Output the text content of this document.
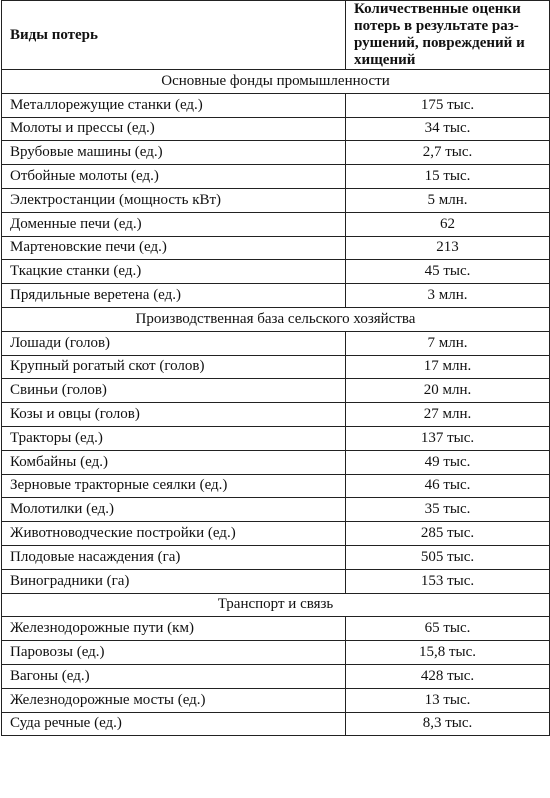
Виды потерь	Количественные оценки потерь в результате разрушений, повреждений и хищений
Основные фонды промышленности	
Металлорежущие станки (ед.)	175 тыс.
Молоты и прессы (ед.)	34 тыс.
Врубовые машины (ед.)	2,7 тыс.
Отбойные молоты (ед.)	15 тыс.
Электростанции (мощность кВт)	5 млн.
Доменные печи (ед.)	62
Мартеновские печи (ед.)	213
Ткацкие станки (ед.)	45 тыс.
Прядильные веретена (ед.)	3 млн.
Производственная база сельского хозяйства	
Лошади (голов)	7 млн.
Крупный рогатый скот (голов)	17 млн.
Свиньи (голов)	20 млн.
Козы и овцы (голов)	27 млн.
Тракторы (ед.)	137 тыс.
Комбайны (ед.)	49 тыс.
Зерновые тракторные сеялки (ед.)	46 тыс.
Молотилки (ед.)	35 тыс.
Животноводческие постройки (ед.)	285 тыс.
Плодовые насаждения (га)	505 тыс.
Виноградники (га)	153 тыс.
Транспорт и связь	
Железнодорожные пути (км)	65 тыс.
Паровозы (ед.)	15,8 тыс.
Вагоны (ед.)	428 тыс.
Железнодорожные мосты (ед.)	13 тыс.
Суда речные (ед.)	8,3 тыс.
